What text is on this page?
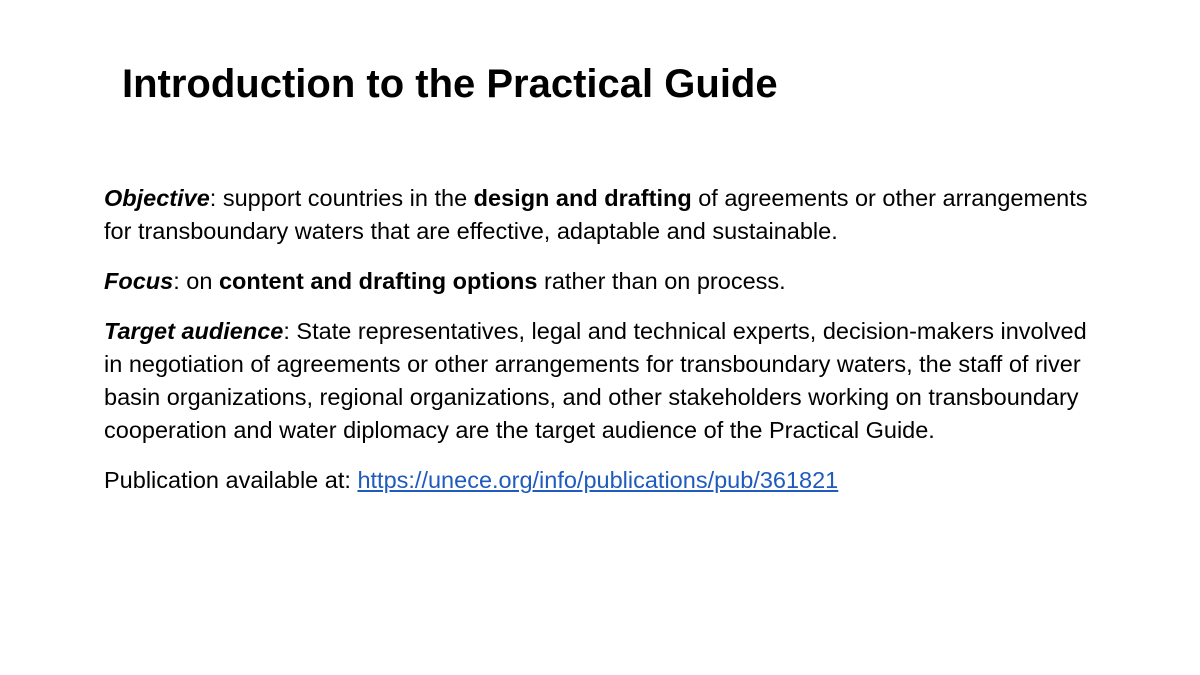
Introduction to the Practical Guide

Objective: support countries in the design and drafting of agreements or other arrangements for transboundary waters that are effective, adaptable and sustainable.

Focus: on content and drafting options rather than on process.

Target audience: State representatives, legal and technical experts, decision-makers involved in negotiation of agreements or other arrangements for transboundary waters, the staff of river basin organizations, regional organizations, and other stakeholders working on transboundary cooperation and water diplomacy are the target audience of the Practical Guide.

Publication available at: https://unece.org/info/publications/pub/361821
